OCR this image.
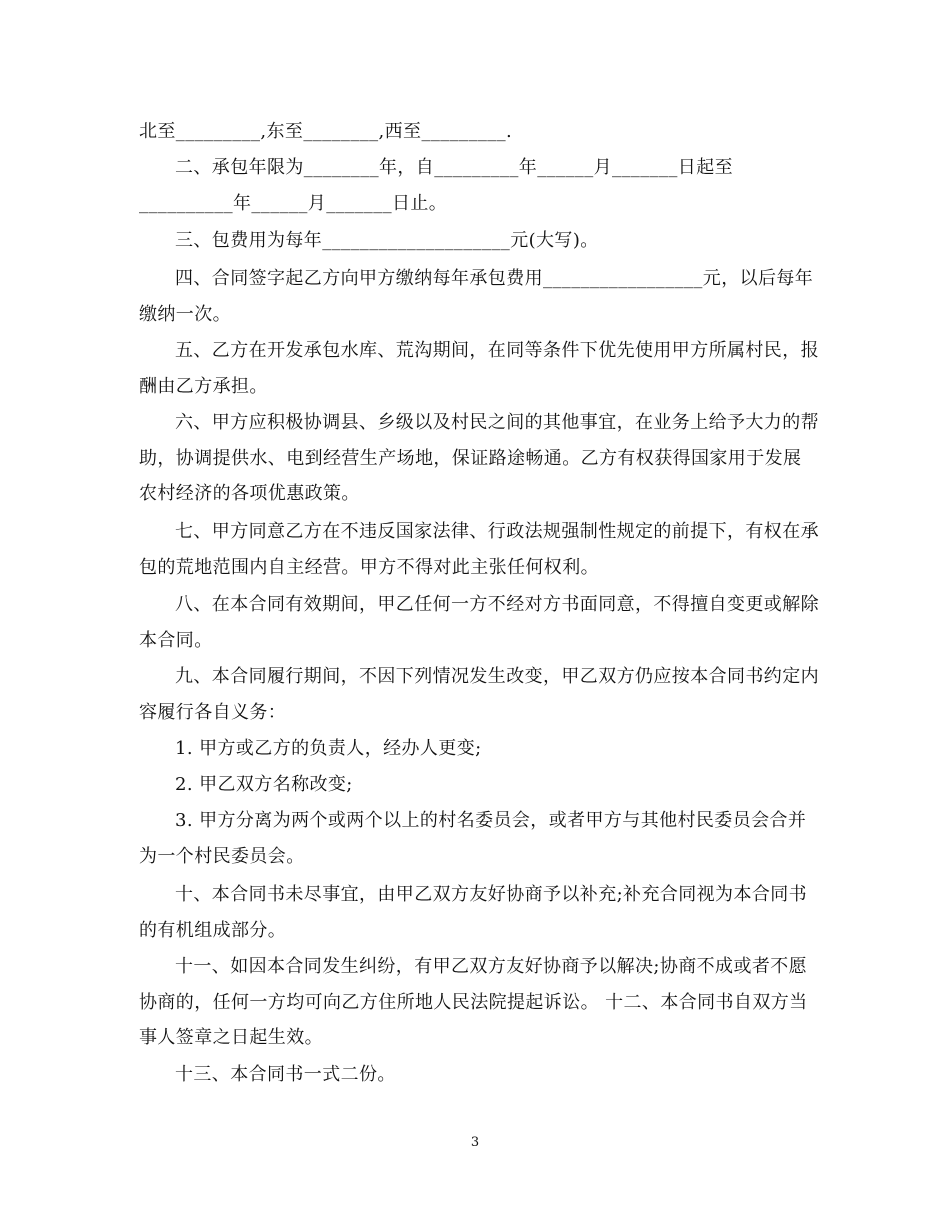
北至_________,东至________,西至_________.

二、承包年限为________年，自_________年______月_______日起至__________年______月_______日止。

三、包费用为每年____________________元(大写)。

四、合同签字起乙方向甲方缴纳每年承包费用_________________元，以后每年缴纳一次。

五、乙方在开发承包水库、荒沟期间，在同等条件下优先使用甲方所属村民，报酬由乙方承担。

六、甲方应积极协调县、乡级以及村民之间的其他事宜，在业务上给予大力的帮助，协调提供水、电到经营生产场地，保证路途畅通。乙方有权获得国家用于发展农村经济的各项优惠政策。

七、甲方同意乙方在不违反国家法律、行政法规强制性规定的前提下，有权在承包的荒地范围内自主经营。甲方不得对此主张任何权利。

八、在本合同有效期间，甲乙任何一方不经对方书面同意，不得擅自变更或解除本合同。

九、本合同履行期间，不因下列情况发生改变，甲乙双方仍应按本合同书约定内容履行各自义务：

1. 甲方或乙方的负责人，经办人更变;

2. 甲乙双方名称改变;

3. 甲方分离为两个或两个以上的村名委员会，或者甲方与其他村民委员会合并为一个村民委员会。

十、本合同书未尽事宜，由甲乙双方友好协商予以补充;补充合同视为本合同书的有机组成部分。

十一、如因本合同发生纠纷，有甲乙双方友好协商予以解决;协商不成或者不愿协商的，任何一方均可向乙方住所地人民法院提起诉讼。 十二、本合同书自双方当事人签章之日起生效。

十三、本合同书一式二份。

3
